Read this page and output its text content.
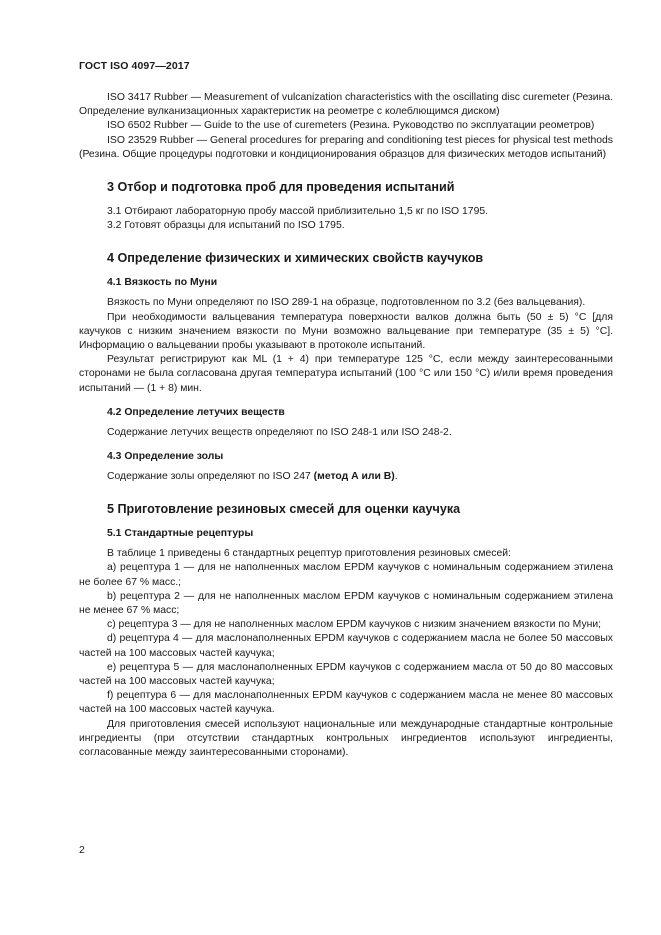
ГОСТ ISO 4097—2017

ISO 3417 Rubber — Measurement of vulcanization characteristics with the oscillating disc curemeter (Резина. Определение вулканизационных характеристик на реометре с колеблющимся диском)

ISO 6502 Rubber — Guide to the use of curemeters (Резина. Руководство по эксплуатации реометров)

ISO 23529 Rubber — General procedures for preparing and conditioning test pieces for physical test methods (Резина. Общие процедуры подготовки и кондиционирования образцов для физических методов испытаний)

3 Отбор и подготовка проб для проведения испытаний

3.1 Отбирают лабораторную пробу массой приблизительно 1,5 кг по ISO 1795.

3.2 Готовят образцы для испытаний по ISO 1795.

4 Определение физических и химических свойств каучуков

4.1 Вязкость по Муни

Вязкость по Муни определяют по ISO 289-1 на образце, подготовленном по 3.2 (без вальцевания).

При необходимости вальцевания температура поверхности валков должна быть (50 ± 5) °С [для каучуков с низким значением вязкости по Муни возможно вальцевание при температуре (35 ± 5) °С]. Информацию о вальцевании пробы указывают в протоколе испытаний.

Результат регистрируют как ML (1 + 4) при температуре 125 °С, если между заинтересованными сторонами не была согласована другая температура испытаний (100 °С или 150 °С) и/или время проведения испытаний — (1 + 8) мин.

4.2 Определение летучих веществ

Содержание летучих веществ определяют по ISO 248-1 или ISO 248-2.

4.3 Определение золы

Содержание золы определяют по ISO 247 (метод А или В).

5 Приготовление резиновых смесей для оценки каучука

5.1 Стандартные рецептуры

В таблице 1 приведены 6 стандартных рецептур приготовления резиновых смесей:

a) рецептура 1 — для не наполненных маслом EPDM каучуков с номинальным содержанием этилена не более 67 % масс.;

b) рецептура 2 — для не наполненных маслом EPDM каучуков с номинальным содержанием этилена не менее 67 % масс;

c) рецептура 3 — для не наполненных маслом EPDM каучуков с низким значением вязкости по Муни;

d) рецептура 4 — для маслонаполненных EPDM каучуков с содержанием масла не более 50 массовых частей на 100 массовых частей каучука;

e) рецептура 5 — для маслонаполненных EPDM каучуков с содержанием масла от 50 до 80 массовых частей на 100 массовых частей каучука;

f) рецептура 6 — для маслонаполненных EPDM каучуков с содержанием масла не менее 80 массовых частей на 100 массовых частей каучука.

Для приготовления смесей используют национальные или международные стандартные контрольные ингредиенты (при отсутствии стандартных контрольных ингредиентов используют ингредиенты, согласованные между заинтересованными сторонами).

2
